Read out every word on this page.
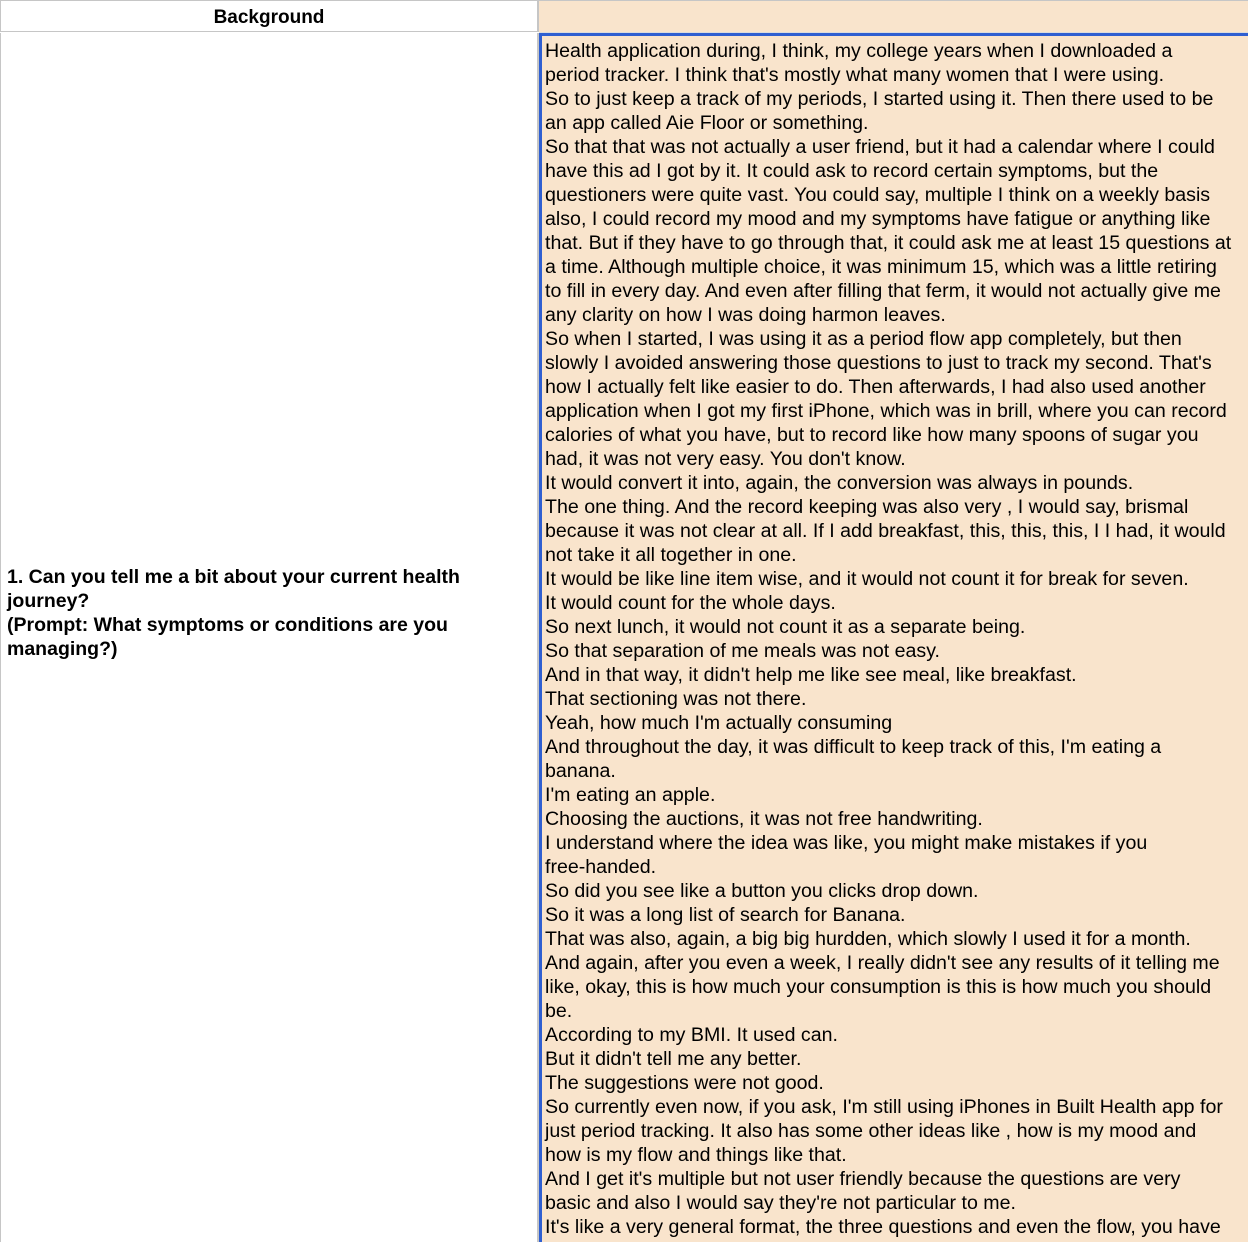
Background
1. Can you tell me a bit about your current health
journey?
(Prompt: What symptoms or conditions are you
managing?)
Health application during, I think, my college years when I downloaded a
period tracker. I think that's mostly what many women that I were using.
So to just keep a track of my periods, I started using it. Then there used to be
an app called Aie Floor or something.
So that that was not actually a user friend, but it had a calendar where I could
have this ad I got by it. It could ask to record certain symptoms, but the
questioners were quite vast. You could say, multiple I think on a weekly basis
also, I could record my mood and my symptoms have fatigue or anything like
that. But if they have to go through that, it could ask me at least 15 questions at
a time. Although multiple choice, it was minimum 15, which was a little retiring
to fill in every day. And even after filling that ferm, it would not actually give me
any clarity on how I was doing harmon leaves.
So when I started, I was using it as a period flow app completely, but then
slowly I avoided answering those questions to just to track my second. That's
how I actually felt like easier to do. Then afterwards, I had also used another
application when I got my first iPhone, which was in brill, where you can record
calories of what you have, but to record like how many spoons of sugar you
had, it was not very easy. You don't know.
It would convert it into, again, the conversion was always in pounds.
The one thing. And the record keeping was also very , I would say, brismal
because it was not clear at all. If I add breakfast, this, this, this, I I had, it would
not take it all together in one.
It would be like line item wise, and it would not count it for break for seven.
It would count for the whole days.
So next lunch, it would not count it as a separate being.
So that separation of me meals was not easy.
And in that way, it didn't help me like see meal, like breakfast.
That sectioning was not there.
Yeah, how much I'm actually consuming
And throughout the day, it was difficult to keep track of this, I'm eating a
banana.
I'm eating an apple.
Choosing the auctions, it was not free handwriting.
I understand where the idea was like, you might make mistakes if you
free-handed.
So did you see like a button you clicks drop down.
So it was a long list of search for Banana.
That was also, again, a big big hurdden, which slowly I used it for a month.
And again, after you even a week, I really didn't see any results of it telling me
like, okay, this is how much your consumption is this is how much you should
be.
According to my BMI. It used can.
But it didn't tell me any better.
The suggestions were not good.
So currently even now, if you ask, I'm still using iPhones in Built Health app for
just period tracking. It also has some other ideas like , how is my mood and
how is my flow and things like that.
And I get it's multiple but not user friendly because the questions are very
basic and also I would say they're not particular to me.
It's like a very general format, the three questions and even the flow, you have
